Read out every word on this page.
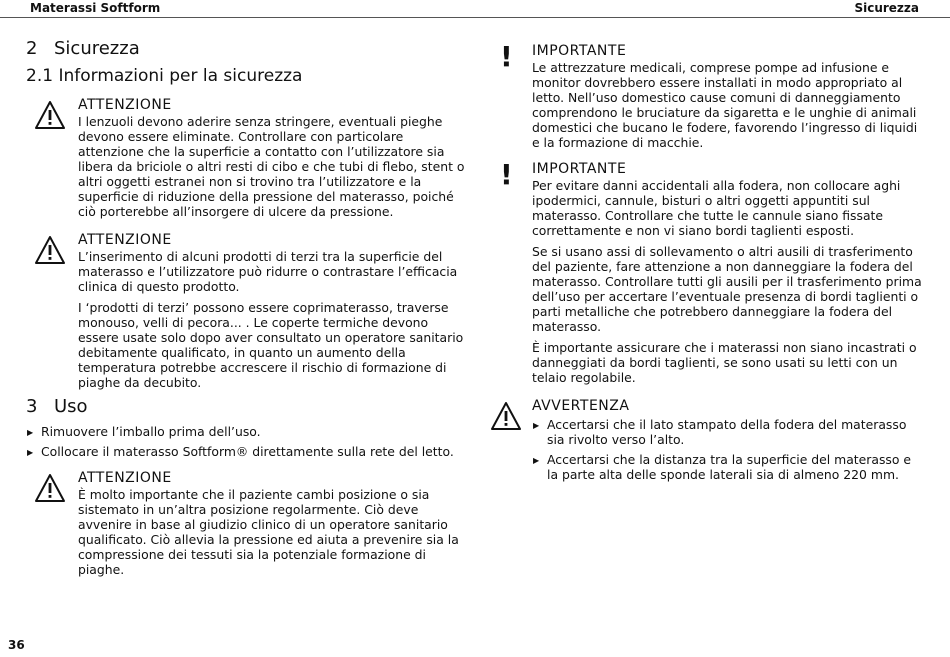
Materassi Softform	Sicurezza
2 Sicurezza
2.1 Informazioni per la sicurezza

ATTENZIONE

I lenzuoli devono aderire senza stringere, eventuali pieghe devono essere eliminate. Controllare con particolare attenzione che la superficie a contatto con l’utilizzatore sia libera da briciole o altri resti di cibo e che tubi di flebo, stent o altri oggetti estranei non si trovino tra l’utilizzatore e la superficie di riduzione della pressione del materasso, poiché ciò porterebbe all’insorgere di ulcere da pressione.

ATTENZIONE

L’inserimento di alcuni prodotti di terzi tra la superficie del materasso e l’utilizzatore può ridurre o contrastare l’efficacia clinica di questo prodotto.

I ‘prodotti di terzi’ possono essere coprimaterasso, traverse monouso, velli di pecora... . Le coperte termiche devono essere usate solo dopo aver consultato un operatore sanitario debitamente qualificato, in quanto un aumento della temperatura potrebbe accrescere il rischio di formazione di piaghe da decubito.

3 Uso
▶ Rimuovere l’imballo prima dell’uso.
▶ Collocare il materasso Softform® direttamente sulla rete del letto.

ATTENZIONE

È molto importante che il paziente cambi posizione o sia sistemato in un’altra posizione regolarmente. Ciò deve avvenire in base al giudizio clinico di un operatore sanitario qualificato. Ciò allevia la pressione ed aiuta a prevenire sia la compressione dei tessuti sia la potenziale formazione di piaghe.

! IMPORTANTE

Le attrezzature medicali, comprese pompe ad infusione e monitor dovrebbero essere installati in modo appropriato al letto. Nell’uso domestico cause comuni di danneggiamento comprendono le bruciature da sigaretta e le unghie di animali domestici che bucano le fodere, favorendo l’ingresso di liquidi e la formazione di macchie.

! IMPORTANTE

Per evitare danni accidentali alla fodera, non collocare aghi ipodermici, cannule, bisturi o altri oggetti appuntiti sul materasso. Controllare che tutte le cannule siano fissate correttamente e non vi siano bordi taglienti esposti.

Se si usano assi di sollevamento o altri ausili di trasferimento del paziente, fare attenzione a non danneggiare la fodera del materasso. Controllare tutti gli ausili per il trasferimento prima dell’uso per accertare l’eventuale presenza di bordi taglienti o parti metalliche che potrebbero danneggiare la fodera del materasso.

È importante assicurare che i materassi non siano incastrati o danneggiati da bordi taglienti, se sono usati su letti con un telaio regolabile.

AVVERTENZA

▶ Accertarsi che il lato stampato della fodera del materasso sia rivolto verso l’alto.
▶ Accertarsi che la distanza tra la superficie del materasso e la parte alta delle sponde laterali sia di almeno 220 mm.
36
